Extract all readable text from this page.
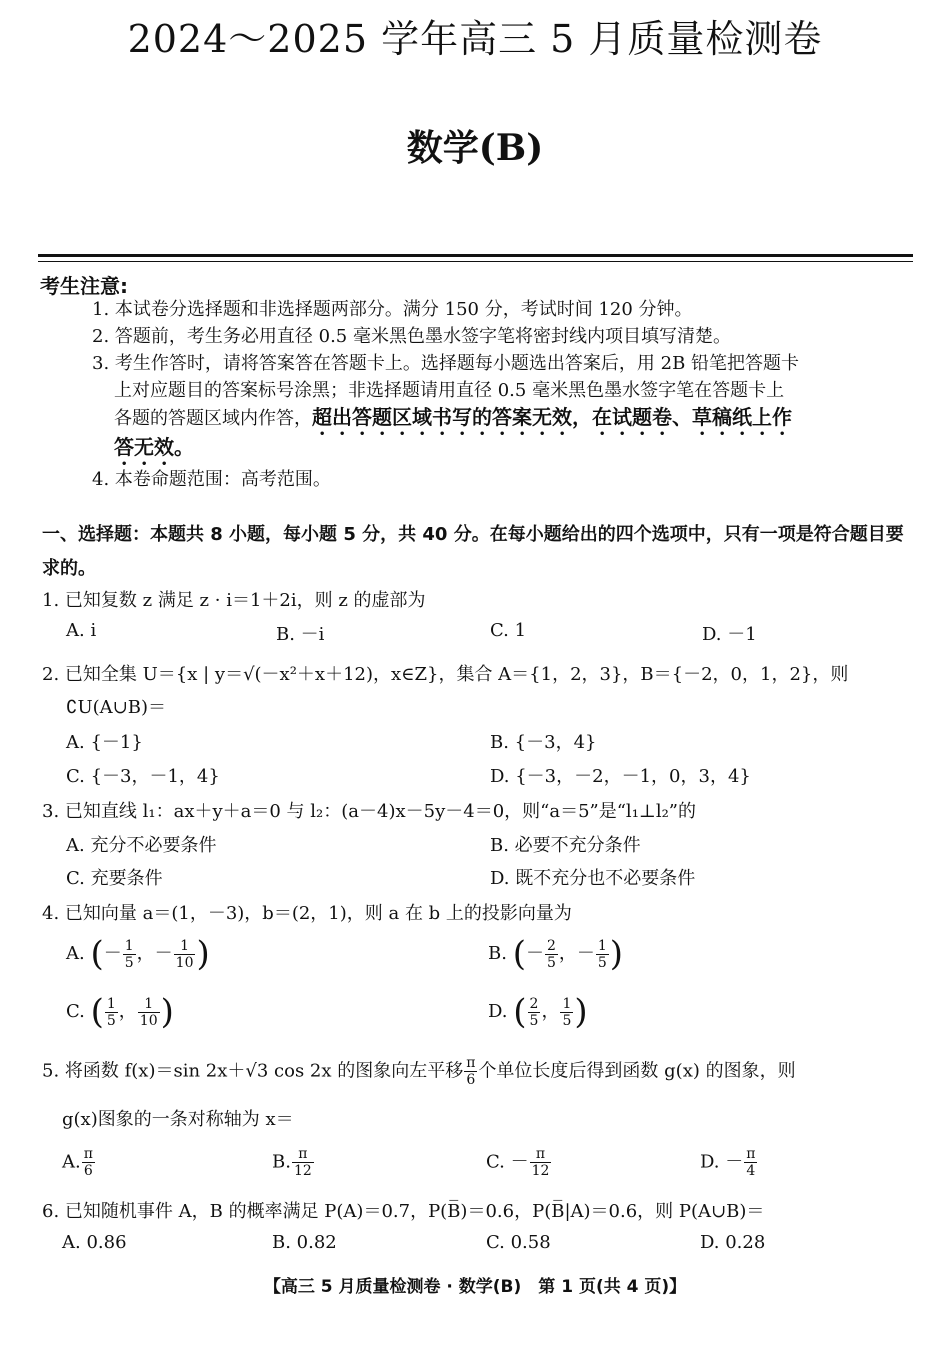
2024～2025 学年高三 5 月质量检测卷
数学(B)
考生注意:
1. 本试卷分选择题和非选择题两部分。满分 150 分，考试时间 120 分钟。
2. 答题前，考生务必用直径 0.5 毫米黑色墨水签字笔将密封线内项目填写清楚。
3. 考生作答时，请将答案答在答题卡上。选择题每小题选出答案后，用 2B 铅笔把答题卡
上对应题目的答案标号涂黑；非选择题请用直径 0.5 毫米黑色墨水签字笔在答题卡上
各题的答题区域内作答，超出答题区域书写的答案无效，在试题卷、草稿纸上作
答无效。
4. 本卷命题范围：高考范围。
一、选择题：本题共 8 小题，每小题 5 分，共 40 分。在每小题给出的四个选项中，只有一项是符合题目要求的。
1. 已知复数 z 满足 z · i＝1＋2i，则 z 的虚部为
A. i	B. －i	C. 1	D. －1
2. 已知全集 U＝{x | y＝√(－x²＋x＋12)，x∈Z}，集合 A＝{1，2，3}，B＝{－2，0，1，2}，则
∁U(A∪B)＝
A. {－1}	B. {－3，4}
C. {－3，－1，4}	D. {－3，－2，－1，0，3，4}
3. 已知直线 l₁：ax＋y＋a＝0 与 l₂：(a－4)x－5y－4＝0，则“a＝5”是“l₁⊥l₂”的
A. 充分不必要条件	B. 必要不充分条件
C. 充要条件	D. 既不充分也不必要条件
4. 已知向量 a＝(1，－3)，b＝(2，1)，则 a 在 b 上的投影向量为
A. (－ $\frac{1}{5}$ ，－ $\frac{1}{10}$ )	B. (－ $\frac{2}{5}$ ，－ $\frac{1}{5}$ )
C. ( $\frac{1}{5}$ ， $\frac{1}{10}$ )	D. ( $\frac{2}{5}$ ， $\frac{1}{5}$ )
5. 将函数 f(x)＝sin 2x＋√3 cos 2x 的图象向左平移 $\frac{\pi}{6}$ 个单位长度后得到函数 g(x) 的图象，则
g(x)图象的一条对称轴为 x＝
A. $\frac{\pi}{6}$	B. $\frac{\pi}{12}$	C. － $\frac{\pi}{12}$	D. － $\frac{\pi}{4}$
6. 已知随机事件 A，B 的概率满足 P(A)＝0.7，P(B̅)＝0.6，P(B̅|A)＝0.6，则 P(A∪B)＝
A. 0.86	B. 0.82	C. 0.58	D. 0.28
【高三 5 月质量检测卷 · 数学(B)　第 1 页(共 4 页)】
